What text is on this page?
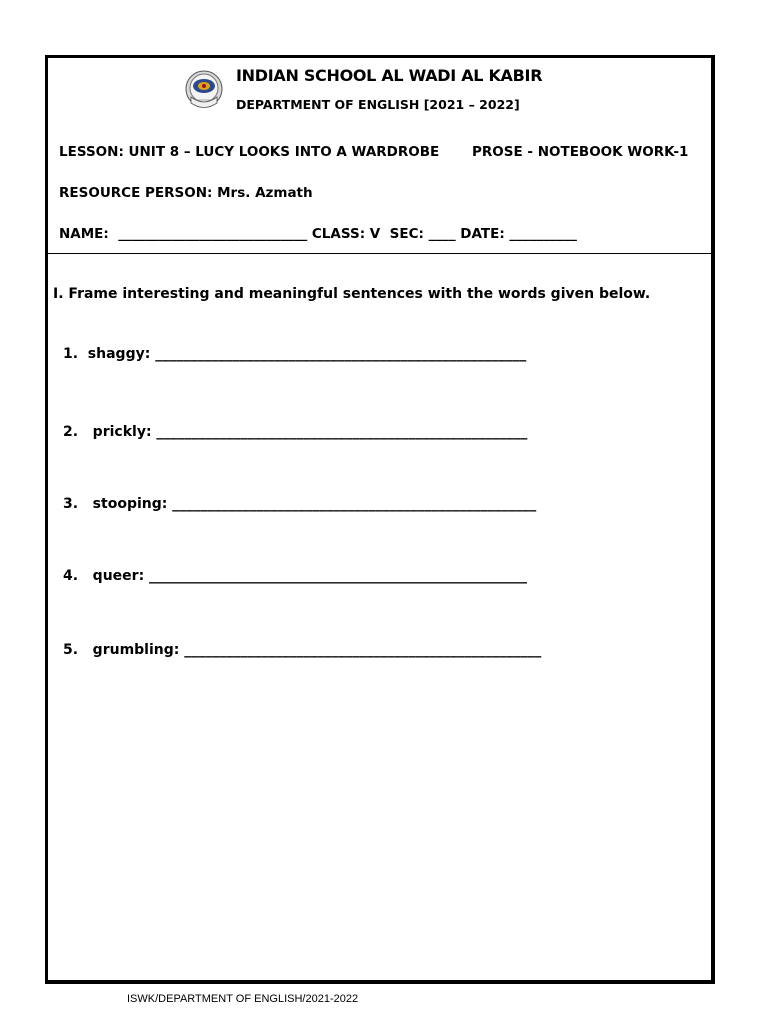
INDIAN SCHOOL AL WADI AL KABIR
DEPARTMENT OF ENGLISH [2021 – 2022]
LESSON: UNIT 8 – LUCY LOOKS INTO A WARDROBE PROSE - NOTEBOOK WORK-1
RESOURCE PERSON: Mrs. Azmath
NAME:  ____________________________ CLASS: V  SEC: ____ DATE: __________
I. Frame interesting and meaningful sentences with the words given below.
1.  shaggy: _____________________________________________________
2.   prickly: _____________________________________________________
3.   stooping: ____________________________________________________
4.   queer: ______________________________________________________
5.   grumbling: ___________________________________________________
ISWK/DEPARTMENT OF ENGLISH/2021-2022
